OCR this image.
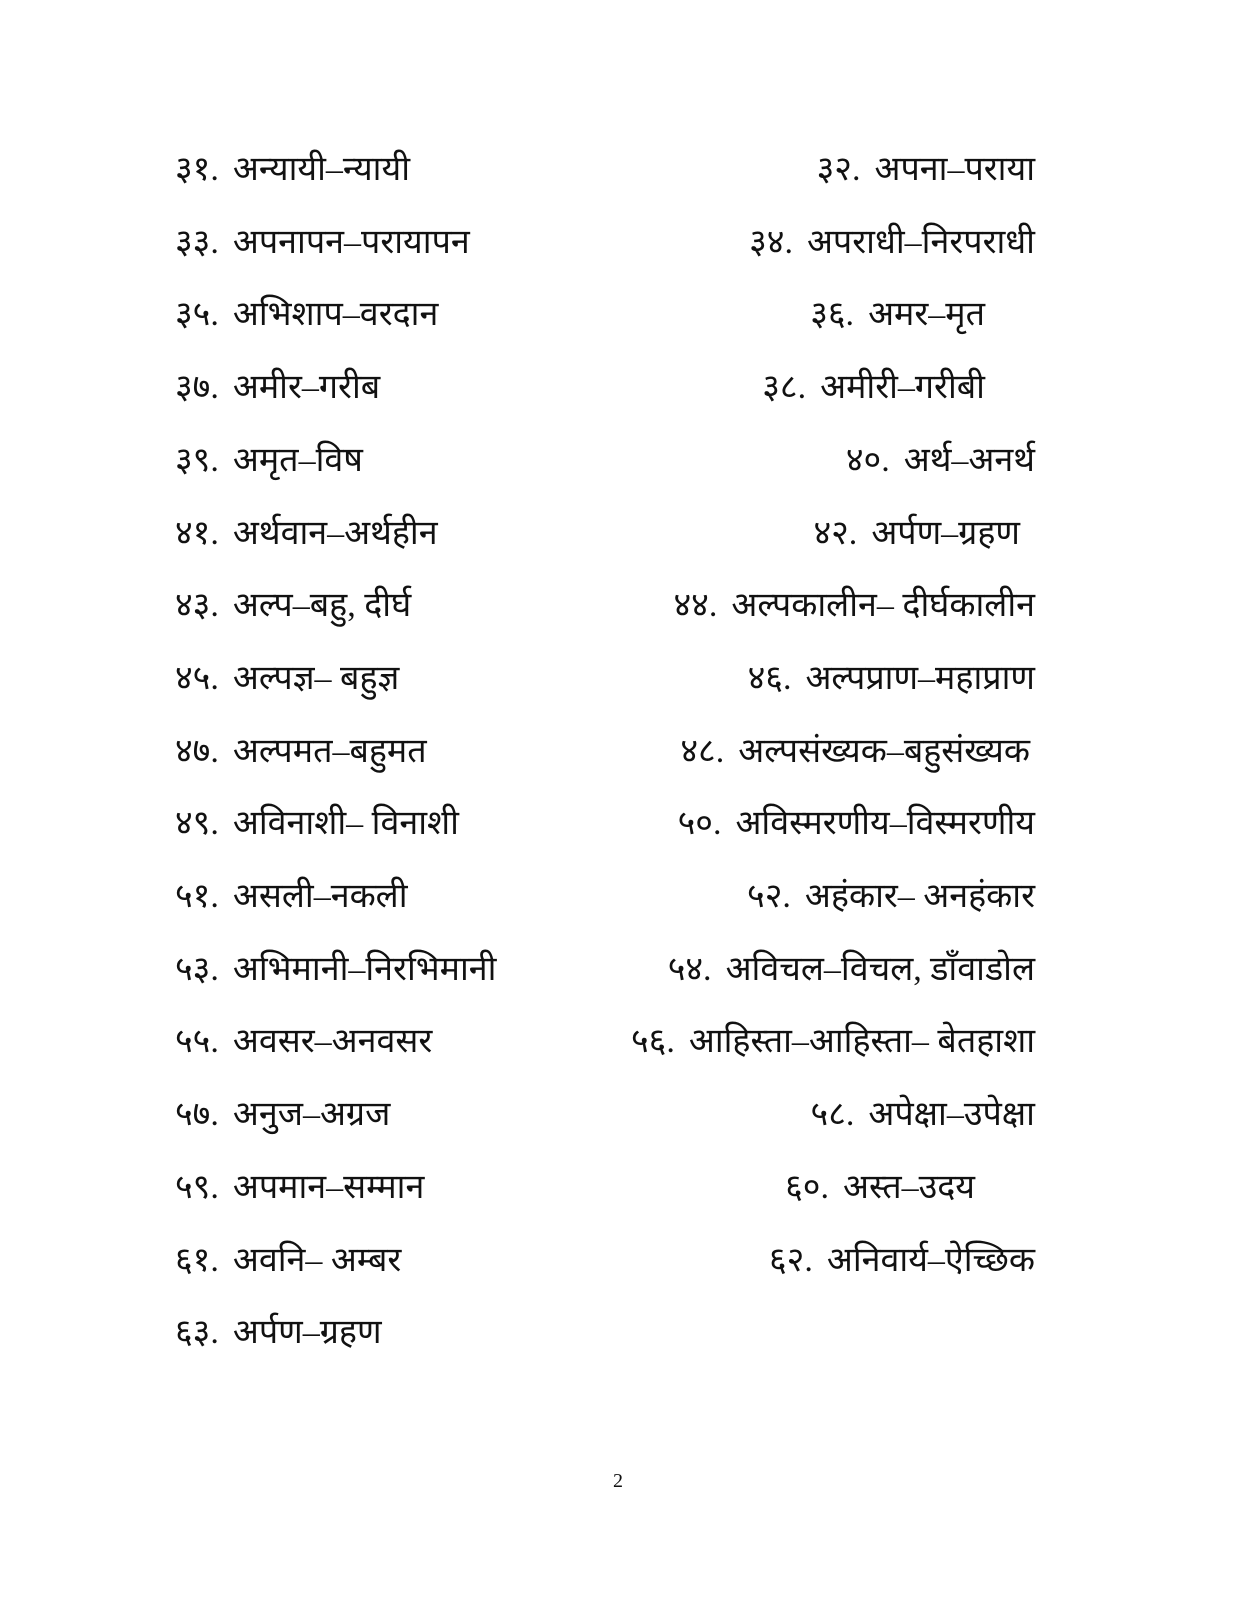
३१. अन्यायी–न्यायी	३२. अपना–पराया
३३. अपनापन–परायापन	३४. अपराधी–निरपराधी
३५. अभिशाप–वरदान	३६. अमर–मृत
३७. अमीर–गरीब	३८. अमीरी–गरीबी
३९. अमृत–विष	४०. अर्थ–अनर्थ
४१. अर्थवान–अर्थहीन	४२. अर्पण–ग्रहण
४३. अल्प–बहु, दीर्घ	४४. अल्पकालीन– दीर्घकालीन
४५. अल्पज्ञ– बहुज्ञ	४६. अल्पप्राण–महाप्राण
४७. अल्पमत–बहुमत	४८. अल्पसंख्यक–बहुसंख्यक
४९. अविनाशी– विनाशी	५०. अविस्मरणीय–विस्मरणीय
५१. असली–नकली	५२. अहंकार– अनहंकार
५३. अभिमानी–निरभिमानी	५४. अविचल–विचल, डाँवाडोल
५५. अवसर–अनवसर	५६. आहिस्ता–आहिस्ता– बेतहाशा
५७. अनुज–अग्रज	५८. अपेक्षा–उपेक्षा
५९. अपमान–सम्मान	६०. अस्त–उदय
६१. अवनि– अम्बर	६२. अनिवार्य–ऐच्छिक
६३. अर्पण–ग्रहण
2
